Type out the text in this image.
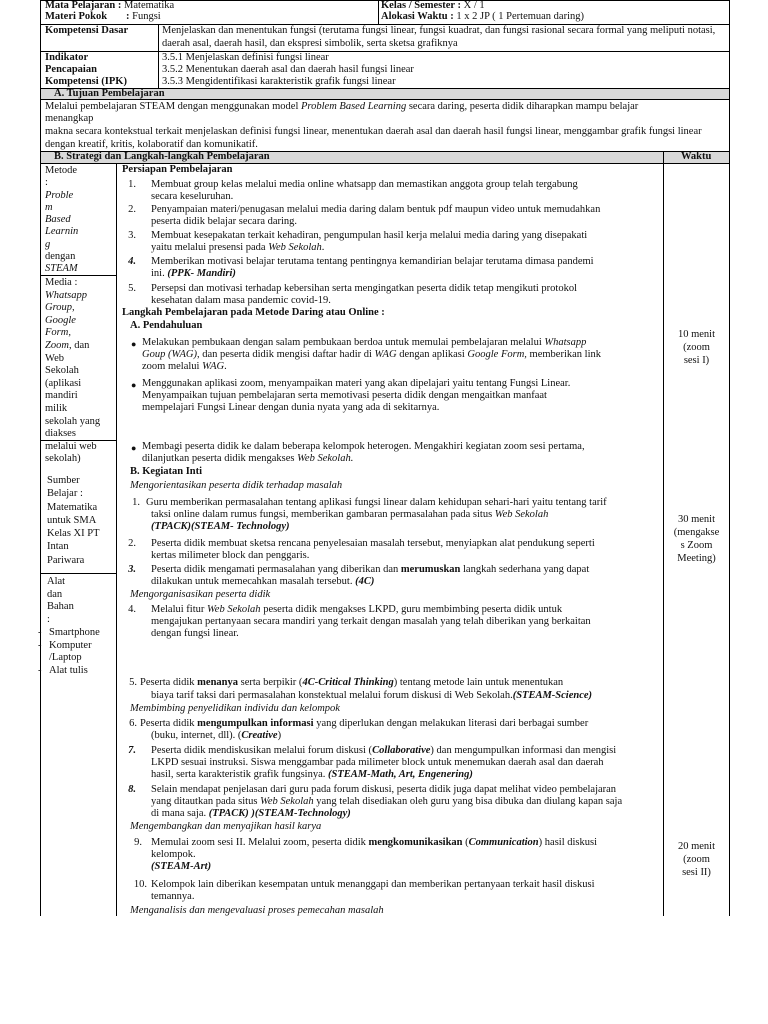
Mata Pelajaran : Matematika
Materi Pokok : Fungsi
Kelas / Semester : X / 1
Alokasi Waktu : 1 x 2 JP ( 1 Pertemuan daring)
Kompetensi Dasar	Menjelaskan dan menentukan fungsi (terutama fungsi linear, fungsi kuadrat, dan fungsi rasional secara formal yang meliputi notasi, daerah asal, daerah hasil, dan ekspresi simbolik, serta sketsa grafiknya
Indikator
Pencapaian
Kompetensi (IPK)
3.5.1 Menjelaskan definisi fungsi linear
3.5.2 Menentukan daerah asal dan daerah hasil fungsi linear
3.5.3 Mengidentifikasi karakteristik grafik fungsi linear
A. Tujuan Pembelajaran
Melalui pembelajaran STEAM dengan menggunakan model Problem Based Learning secara daring, peserta didik diharapkan mampu belajar
menangkap
makna secara kontekstual terkait menjelaskan definisi fungsi linear, menentukan daerah asal dan daerah hasil fungsi linear, menggambar grafik fungsi linear dengan kreatif, kritis, kolaboratif dan komunikatif.
B. Strategi dan Langkah-langkah Pembelajaran	Waktu
Metode
:
Proble
m
Based
Learnin
g
dengan
STEAM
Media :
Whatsapp
Group,
Google
Form,
Zoom, dan
Web
Sekolah
(aplikasi
mandiri
milik
sekolah yang
diakses
melalui web
sekolah)
Sumber
Belajar :
Matematika
untuk SMA
Kelas XI PT
Intan
Pariwara
Alat
dan
Bahan
:
- Smartphone
- Komputer
/Laptop
- Alat tulis
Persiapan Pembelajaran
1. Membuat group kelas melalui media online whatsapp dan memastikan anggota group telah tergabung
secara keseluruhan.
2. Penyampaian materi/penugasan melalui media daring dalam bentuk pdf maupun video untuk memudahkan
peserta didik belajar secara daring.
3. Membuat kesepakatan terkait kehadiran, pengumpulan hasil kerja melalui media daring yang disepakati
yaitu melalui presensi pada Web Sekolah.
4. Memberikan motivasi belajar terutama tentang pentingnya kemandirian belajar terutama dimasa pandemi
ini. (PPK- Mandiri)
5. Persepsi dan motivasi terhadap kebersihan serta mengingatkan peserta didik tetap mengikuti protokol
kesehatan dalam masa pandemic covid-19.
Langkah Pembelajaran pada Metode Daring atau Online :
A. Pendahuluan
● Melakukan pembukaan dengan salam pembukaan berdoa untuk memulai pembelajaran melalui Whatsapp
Goup (WAG), dan peserta didik mengisi daftar hadir di WAG dengan aplikasi Google Form, memberikan link
zoom melalui WAG.
● Menggunakan aplikasi zoom, menyampaikan materi yang akan dipelajari yaitu tentang Fungsi Linear.
Menyampaikan tujuan pembelajaran serta memotivasi peserta didik dengan mengaitkan manfaat
mempelajari Fungsi Linear dengan dunia nyata yang ada di sekitarnya.
● Membagi peserta didik ke dalam beberapa kelompok heterogen. Mengakhiri kegiatan zoom sesi pertama,
dilanjutkan peserta didik mengakses Web Sekolah.
10 menit
(zoom
sesi I)
B. Kegiatan Inti
Mengorientasikan peserta didik terhadap masalah
1. Guru memberikan permasalahan tentang aplikasi fungsi linear dalam kehidupan sehari-hari yaitu tentang tarif
taksi online dalam rumus fungsi, memberikan gambaran permasalahan pada situs Web Sekolah
(TPACK)(STEAM- Technology)
2. Peserta didik membuat sketsa rencana penyelesaian masalah tersebut, menyiapkan alat pendukung seperti
kertas milimeter block dan penggaris.
3. Peserta didik mengamati permasalahan yang diberikan dan merumuskan langkah sederhana yang dapat
dilakukan untuk memecahkan masalah tersebut. (4C)
Mengorganisasikan peserta didik
4. Melalui fitur Web Sekolah peserta didik mengakses LKPD, guru membimbing peserta didik untuk
mengajukan pertanyaan secara mandiri yang terkait dengan masalah yang telah diberikan yang berkaitan
dengan fungsi linear.
5. Peserta didik menanya serta berpikir (4C-Critical Thinking) tentang metode lain untuk menentukan
biaya tarif taksi dari permasalahan konstektual melalui forum diskusi di Web Sekolah.(STEAM-Science)
Membimbing penyelidikan individu dan kelompok
6. Peserta didik mengumpulkan informasi yang diperlukan dengan melakukan literasi dari berbagai sumber
(buku, internet, dll). (Creative)
7. Peserta didik mendiskusikan melalui forum diskusi (Collaborative) dan mengumpulkan informasi dan mengisi
LKPD sesuai instruksi. Siswa menggambar pada milimeter block untuk menemukan daerah asal dan daerah
hasil, serta karakteristik grafik fungsinya. (STEAM-Math, Art, Engenering)
8. Selain mendapat penjelasan dari guru pada forum diskusi, peserta didik juga dapat melihat video pembelajaran
yang ditautkan pada situs Web Sekolah yang telah disediakan oleh guru yang bisa dibuka dan diulang kapan saja
di mana saja. (TPACK) )(STEAM-Technology)
Mengembangkan dan menyajikan hasil karya
9. Memulai zoom sesi II. Melalui zoom, peserta didik mengkomunikasikan (Communication) hasil diskusi
kelompok.
(STEAM-Art)
10. Kelompok lain diberikan kesempatan untuk menanggapi dan memberikan pertanyaan terkait hasil diskusi
temannya.
Menganalisis dan mengevaluasi proses pemecahan masalah
30 menit
(mengakse
s Zoom
Meeting)
20 menit
(zoom
sesi II)
